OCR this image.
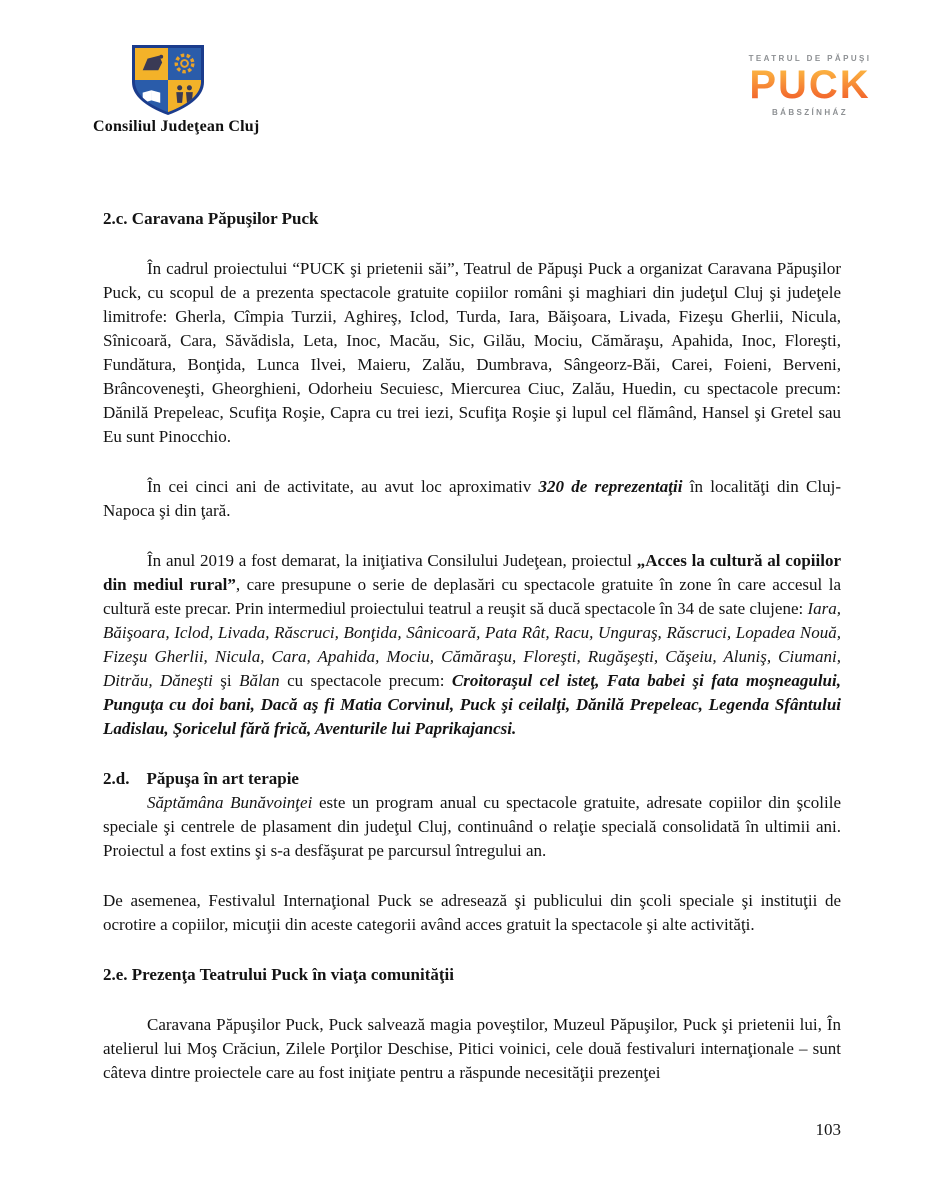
Consiliul Judeţean Cluj
TEATRUL DE PĂPUŞI
PUCK
BÁBSZÍNHÁZ
2.c. Caravana Păpuşilor Puck

În cadrul proiectului “PUCK şi prietenii săi”, Teatrul de Păpuşi Puck a organizat Caravana Păpuşilor Puck, cu scopul de a prezenta spectacole gratuite copiilor români şi maghiari din judeţul Cluj şi judeţele limitrofe: Gherla, Cîmpia Turzii, Aghireş, Iclod, Turda, Iara, Băişoara, Livada, Fizeşu Gherlii, Nicula, Sînicoară, Cara, Săvădisla, Leta, Inoc, Macău, Sic, Gilău, Mociu, Cămăraşu, Apahida, Inoc, Floreşti, Fundătura, Bonţida, Lunca Ilvei, Maieru, Zalău, Dumbrava, Sângeorz-Băi, Carei, Foieni, Berveni, Brâncoveneşti, Gheorghieni, Odorheiu Secuiesc, Miercurea Ciuc, Zalău, Huedin, cu spectacole precum: Dănilă Prepeleac, Scufiţa Roşie, Capra cu trei iezi, Scufiţa Roşie şi lupul cel flămând, Hansel şi Gretel sau Eu sunt Pinocchio.

În cei cinci ani de activitate, au avut loc aproximativ 320 de reprezentaţii în localităţi din Cluj-Napoca şi din ţară.

În anul 2019 a fost demarat, la iniţiativa Consilului Judeţean, proiectul „Acces la cultură al copiilor din mediul rural”, care presupune o serie de deplasări cu spectacole gratuite în zone în care accesul la cultură este precar. Prin intermediul proiectului teatrul a reuşit să ducă spectacole în 34 de sate clujene: Iara, Băişoara, Iclod, Livada, Răscruci, Bonţida, Sânicoară, Pata Rât, Racu, Unguraş, Răscruci, Lopadea Nouă, Fizeşu Gherlii, Nicula, Cara, Apahida, Mociu, Cămăraşu, Floreşti, Rugăşeşti, Căşeiu, Aluniş, Ciumani, Ditrău, Dăneşti şi Bălan cu spectacole precum: Croitoraşul cel isteţ, Fata babei şi fata moşneagului, Punguţa cu doi bani, Dacă aş fi Matia Corvinul, Puck şi ceilalţi, Dănilă Prepeleac, Legenda Sfântului Ladislau, Şoricelul fără frică, Aventurile lui Paprikajancsi.

2.d.    Păpuşa în art terapie

Săptămâna Bunăvoinţei este un program anual cu spectacole gratuite, adresate copiilor din şcolile speciale şi centrele de plasament din judeţul Cluj, continuând o relaţie specială consolidată în ultimii ani. Proiectul a fost extins şi s-a desfăşurat pe parcursul întregului an.

De asemenea, Festivalul Internaţional Puck se adresează şi publicului din şcoli speciale şi instituţii de ocrotire a copiilor, micuţii din aceste categorii având acces gratuit la spectacole şi alte activităţi.

2.e. Prezenţa Teatrului Puck în viaţa comunităţii

Caravana Păpuşilor Puck, Puck salvează magia poveştilor, Muzeul Păpuşilor, Puck şi prietenii lui, În atelierul lui Moş Crăciun, Zilele Porţilor Deschise, Pitici voinici, cele două festivaluri internaţionale – sunt câteva dintre proiectele care au fost iniţiate pentru a răspunde necesităţii prezenţei

103
